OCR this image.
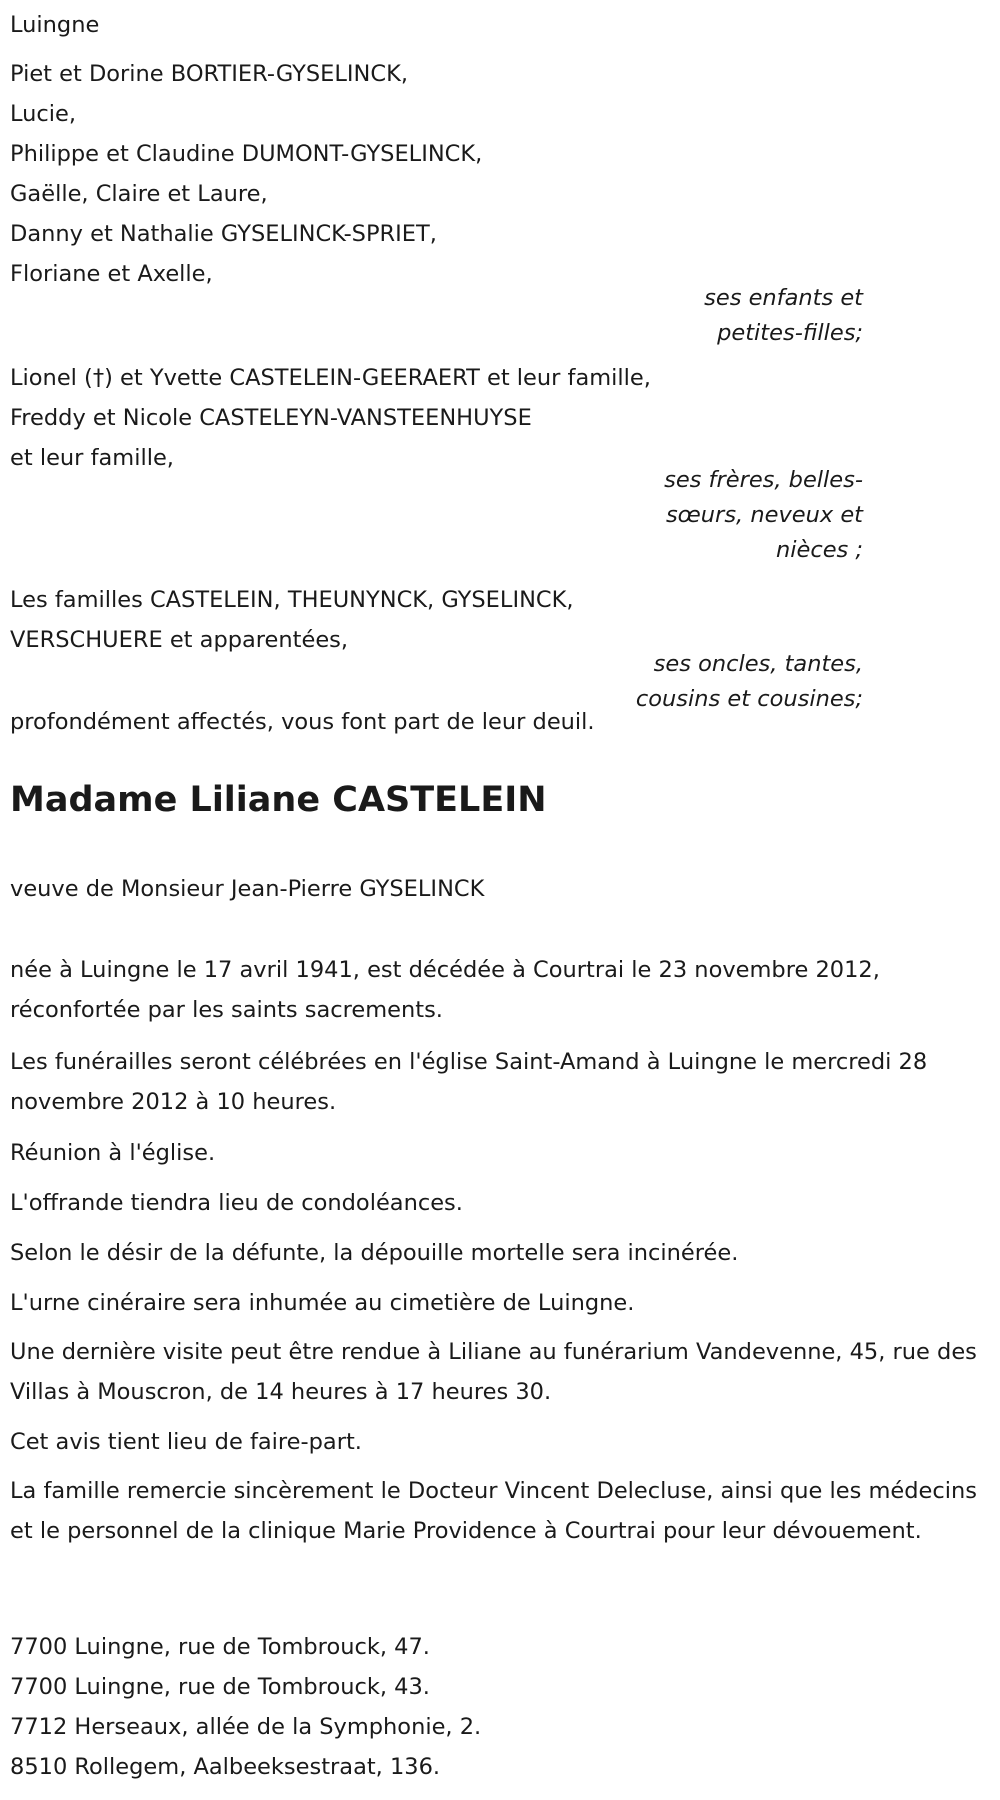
Luingne
Piet et Dorine BORTIER-GYSELINCK,
Lucie,
Philippe et Claudine DUMONT-GYSELINCK,
Gaëlle, Claire et Laure,
Danny et Nathalie GYSELINCK-SPRIET,
Floriane et Axelle,
ses enfants et
petites-filles;
Lionel (†) et Yvette CASTELEIN-GEERAERT et leur famille,
Freddy et Nicole CASTELEYN-VANSTEENHUYSE
et leur famille,
ses frères, belles-
sœurs, neveux et
nièces ;
Les familles CASTELEIN, THEUNYNCK, GYSELINCK,
VERSCHUERE et apparentées,
ses oncles, tantes,
cousins et cousines;
profondément affectés, vous font part de leur deuil.
Madame Liliane CASTELEIN
veuve de Monsieur Jean-Pierre GYSELINCK
née à Luingne le 17 avril 1941, est décédée à Courtrai le 23 novembre 2012, réconfortée par les saints sacrements.
Les funérailles seront célébrées en l'église Saint-Amand à Luingne le mercredi 28 novembre 2012 à 10 heures.
Réunion à l'église.
L'offrande tiendra lieu de condoléances.
Selon le désir de la défunte, la dépouille mortelle sera incinérée.
L'urne cinéraire sera inhumée au cimetière de Luingne.
Une dernière visite peut être rendue à Liliane au funérarium Vandevenne, 45, rue des Villas à Mouscron, de 14 heures à 17 heures 30.
Cet avis tient lieu de faire-part.
La famille remercie sincèrement le Docteur Vincent Delecluse, ainsi que les médecins et le personnel de la clinique Marie Providence à Courtrai pour leur dévouement.
7700 Luingne, rue de Tombrouck, 47.
7700 Luingne, rue de Tombrouck, 43.
7712 Herseaux, allée de la Symphonie, 2.
8510 Rollegem, Aalbeeksestraat, 136.
